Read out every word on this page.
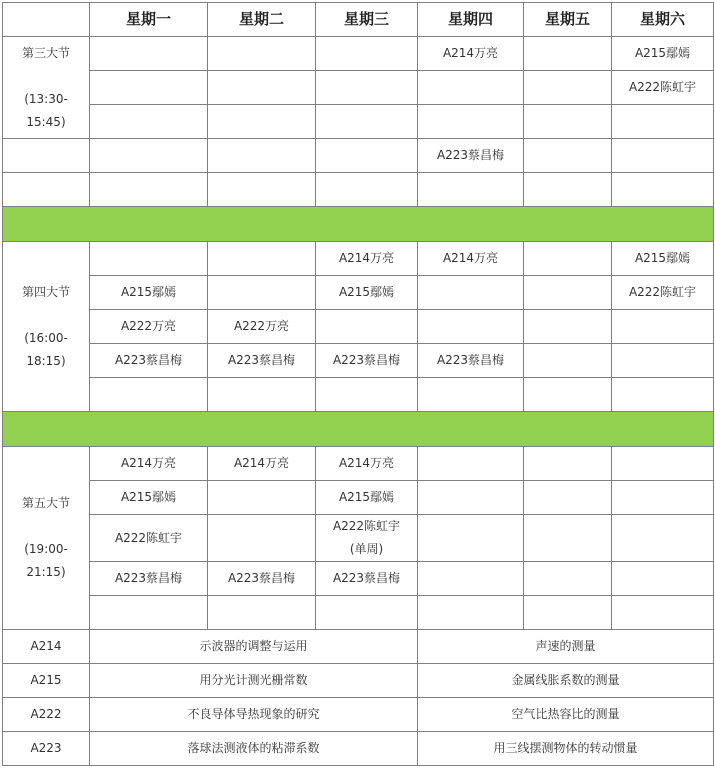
	星期一	星期二	星期三	星期四	星期五	星期六

第三大节

(13:30-
15:45)				A214万亮		A215鄢嫣
						A222陈虹宇

				A223蔡昌梅		

第四大节

(16:00-
18:15)			A214万亮	A214万亮		A215鄢嫣
	A215鄢嫣		A215鄢嫣			A222陈虹宇
	A222万亮	A222万亮				
	A223蔡昌梅	A223蔡昌梅	A223蔡昌梅	A223蔡昌梅		

第五大节

(19:00-
21:15)	A214万亮	A214万亮	A214万亮			
	A215鄢嫣		A215鄢嫣			
	A222陈虹宇		A222陈虹宇
(单周)			

	A223蔡昌梅	A223蔡昌梅	A223蔡昌梅			

A214	示波器的调整与运用			声速的测量		
A215	用分光计测光栅常数			金属线胀系数的测量		
A222	不良导体导热现象的研究			空气比热容比的测量		
A223	落球法测液体的粘滞系数			用三线摆测物体的转动惯量		
